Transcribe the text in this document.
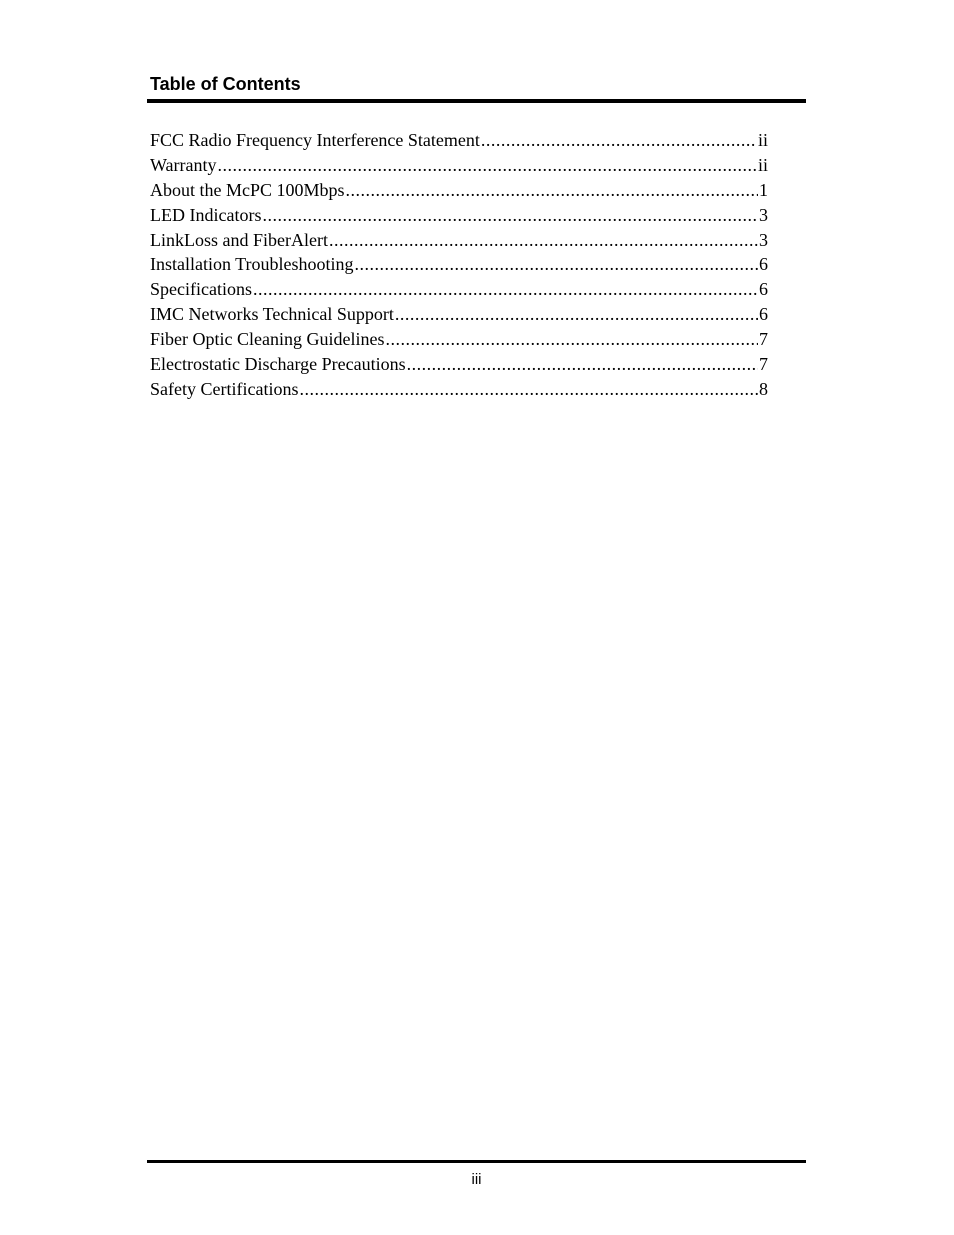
Table of Contents
FCC Radio Frequency Interference Statement .....	ii
Warranty .....	ii
About the McPC 100Mbps .....	1
LED Indicators .....	3
LinkLoss and FiberAlert .....	3
Installation Troubleshooting .....	6
Specifications .....	6
IMC Networks Technical Support .....	6
Fiber Optic Cleaning Guidelines .....	7
Electrostatic Discharge Precautions .....	7
Safety Certifications .....	8
iii
